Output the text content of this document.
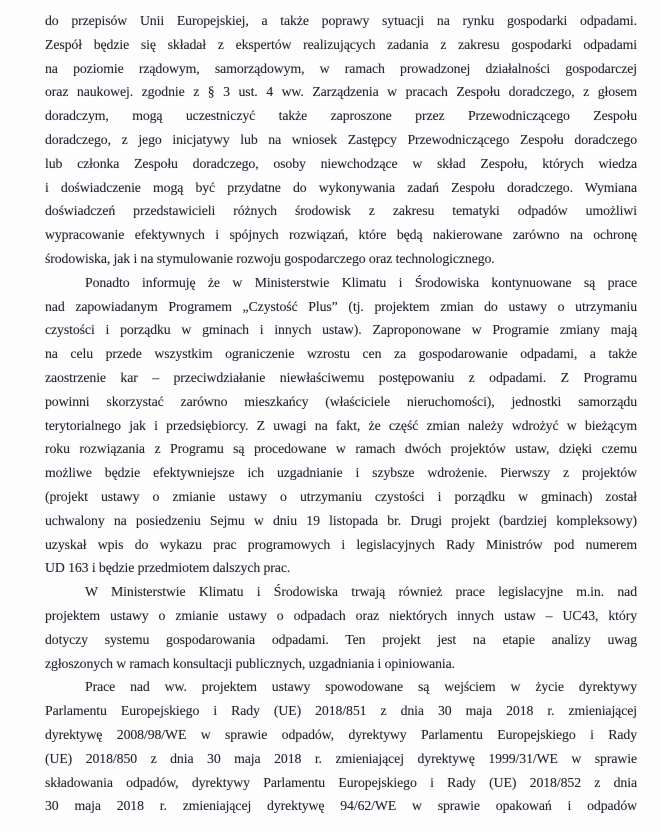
do przepisów Unii Europejskiej, a także poprawy sytuacji na rynku gospodarki odpadami.
Zespół będzie się składał z ekspertów realizujących zadania z zakresu gospodarki odpadami
na poziomie rządowym, samorządowym, w ramach prowadzonej działalności gospodarczej
oraz naukowej. zgodnie z § 3 ust. 4 ww. Zarządzenia w pracach Zespołu doradczego, z głosem
doradczym, mogą uczestniczyć także zaproszone przez Przewodniczącego Zespołu
doradczego, z jego inicjatywy lub na wniosek Zastępcy Przewodniczącego Zespołu doradczego
lub członka Zespołu doradczego, osoby niewchodzące w skład Zespołu, których wiedza
i doświadczenie mogą być przydatne do wykonywania zadań Zespołu doradczego. Wymiana
doświadczeń przedstawicieli różnych środowisk z zakresu tematyki odpadów umożliwi
wypracowanie efektywnych i spójnych rozwiązań, które będą nakierowane zarówno na ochronę
środowiska, jak i na stymulowanie rozwoju gospodarczego oraz technologicznego.
Ponadto informuję że w Ministerstwie Klimatu i Środowiska kontynuowane są prace
nad zapowiadanym Programem „Czystość Plus” (tj. projektem zmian do ustawy o utrzymaniu
czystości i porządku w gminach i innych ustaw). Zaproponowane w Programie zmiany mają
na celu przede wszystkim ograniczenie wzrostu cen za gospodarowanie odpadami, a także
zaostrzenie kar – przeciwdziałanie niewłaściwemu postępowaniu z odpadami. Z Programu
powinni skorzystać zarówno mieszkańcy (właściciele nieruchomości), jednostki samorządu
terytorialnego jak i przedsiębiorcy. Z uwagi na fakt, że część zmian należy wdrożyć w bieżącym
roku rozwiązania z Programu są procedowane w ramach dwóch projektów ustaw, dzięki czemu
możliwe będzie efektywniejsze ich uzgadnianie i szybsze wdrożenie. Pierwszy z projektów
(projekt ustawy o zmianie ustawy o utrzymaniu czystości i porządku w gminach) został
uchwalony na posiedzeniu Sejmu w dniu 19 listopada br. Drugi projekt (bardziej kompleksowy)
uzyskał wpis do wykazu prac programowych i legislacyjnych Rady Ministrów pod numerem
UD 163 i będzie przedmiotem dalszych prac.
W Ministerstwie Klimatu i Środowiska trwają również prace legislacyjne m.in. nad
projektem ustawy o zmianie ustawy o odpadach oraz niektórych innych ustaw – UC43, który
dotyczy systemu gospodarowania odpadami. Ten projekt jest na etapie analizy uwag
zgłoszonych w ramach konsultacji publicznych, uzgadniania i opiniowania.
Prace nad ww. projektem ustawy spowodowane są wejściem w życie dyrektywy
Parlamentu Europejskiego i Rady (UE) 2018/851 z dnia 30 maja 2018 r. zmieniającej
dyrektywę 2008/98/WE w sprawie odpadów, dyrektywy Parlamentu Europejskiego i Rady
(UE) 2018/850 z dnia 30 maja 2018 r. zmieniającej dyrektywę 1999/31/WE w sprawie
składowania odpadów, dyrektywy Parlamentu Europejskiego i Rady (UE) 2018/852 z dnia
30 maja 2018 r. zmieniającej dyrektywę 94/62/WE w sprawie opakowań i odpadów
